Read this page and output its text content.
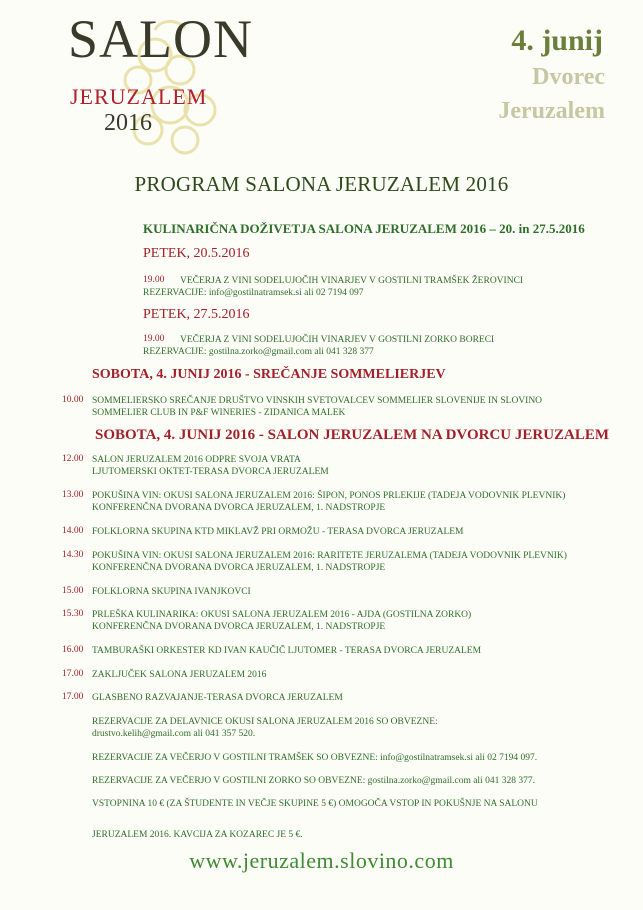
SALON
JERUZALEM
2016
4. junij
Dvorec
Jeruzalem
PROGRAM SALONA JERUZALEM 2016
KULINARIČNA DOŽIVETJA SALONA JERUZALEM 2016 – 20. in 27.5.2016
PETEK, 20.5.2016
19.00 VEČERJA Z VINI SODELUJOČIH VINARJEV V GOSTILNI TRAMŠEK ŽEROVINCI
REZERVACIJE: info@gostilnatramsek.si ali 02 7194 097
PETEK, 27.5.2016
19.00 VEČERJA Z VINI SODELUJOČIH VINARJEV V GOSTILNI ZORKO BORECI
REZERVACIJE: gostilna.zorko@gmail.com ali 041 328 377
SOBOTA, 4. JUNIJ 2016 - SREČANJE SOMMELIERJEV
10.00 SOMMELIERSKO SREČANJE DRUŠTVO VINSKIH SVETOVALCEV SOMMELIER SLOVENIJE IN SLOVINO
SOMMELIER CLUB IN P&F WINERIES - ZIDANICA MALEK
SOBOTA, 4. JUNIJ 2016 - SALON JERUZALEM NA DVORCU JERUZALEM
12.00 SALON JERUZALEM 2016 ODPRE SVOJA VRATA
LJUTOMERSKI OKTET-TERASA DVORCA JERUZALEM
13.00 POKUŠINA VIN: OKUSI SALONA JERUZALEM 2016: ŠIPON, PONOS PRLEKIJE (TADEJA VODOVNIK PLEVNIK)
KONFERENČNA DVORANA DVORCA JERUZALEM, 1. NADSTROPJE
14.00 FOLKLORNA SKUPINA KTD MIKLAVŽ PRI ORMOŽU - TERASA DVORCA JERUZALEM
14.30 POKUŠINA VIN: OKUSI SALONA JERUZALEM 2016: RARITETE JERUZALEMA (TADEJA VODOVNIK PLEVNIK)
KONFERENČNA DVORANA DVORCA JERUZALEM, 1. NADSTROPJE
15.00 FOLKLORNA SKUPINA IVANJKOVCI
15.30 PRLEŠKA KULINARIKA: OKUSI SALONA JERUZALEM 2016 - AJDA (GOSTILNA ZORKO)
KONFERENČNA DVORANA DVORCA JERUZALEM, 1. NADSTROPJE
16.00 TAMBURAŠKI ORKESTER KD IVAN KAUČIČ LJUTOMER - TERASA DVORCA JERUZALEM
17.00 ZAKLJUČEK SALONA JERUZALEM 2016
17.00 GLASBENO RAZVAJANJE-TERASA DVORCA JERUZALEM
REZERVACIJE ZA DELAVNICE OKUSI SALONA JERUZALEM 2016 SO OBVEZNE:
drustvo.kelih@gmail.com ali 041 357 520.
REZERVACIJE ZA VEČERJO V GOSTILNI TRAMŠEK SO OBVEZNE: info@gostilnatramsek.si ali 02 7194 097.
REZERVACIJE ZA VEČERJO V GOSTILNI ZORKO SO OBVEZNE: gostilna.zorko@gmail.com ali 041 328 377.
VSTOPNINA 10 € (ZA ŠTUDENTE IN VEČJE SKUPINE 5 €) OMOGOČA VSTOP IN POKUŠNJE NA SALONU
JERUZALEM 2016. KAVCIJA ZA KOZAREC JE 5 €.
www.jeruzalem.slovino.com
